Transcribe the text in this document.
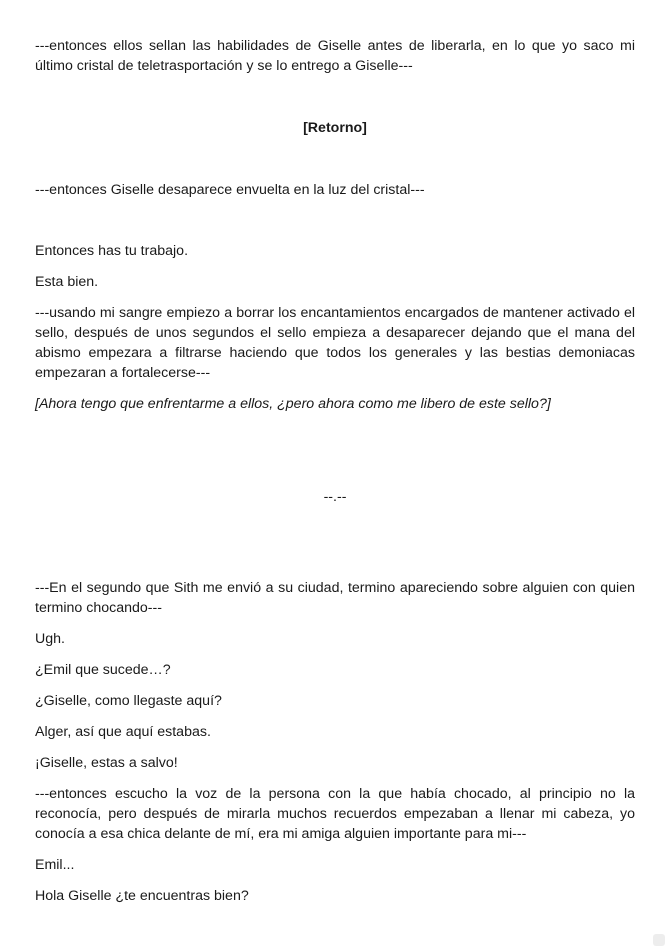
---entonces ellos sellan las habilidades de Giselle antes de liberarla, en lo que yo saco mi último cristal de teletrasportación y se lo entrego a Giselle---

[Retorno]

---entonces Giselle desaparece envuelta en la luz del cristal---

Entonces has tu trabajo.

Esta bien.

---usando mi sangre empiezo a borrar los encantamientos encargados de mantener activado el sello, después de unos segundos el sello empieza a desaparecer dejando que el mana del abismo empezara a filtrarse haciendo que todos los generales y las bestias demoniacas empezaran a fortalecerse---

[Ahora tengo que enfrentarme a ellos, ¿pero ahora como me libero de este sello?]

--.--

---En el segundo que Sith me envió a su ciudad, termino apareciendo sobre alguien con quien termino chocando---

Ugh.

¿Emil que sucede…?

¿Giselle, como llegaste aquí?

Alger, así que aquí estabas.

¡Giselle, estas a salvo!

---entonces escucho la voz de la persona con la que había chocado, al principio no la reconocía, pero después de mirarla muchos recuerdos empezaban a llenar mi cabeza, yo conocía a esa chica delante de mí, era mi amiga alguien importante para mi---

Emil...

Hola Giselle ¿te encuentras bien?
